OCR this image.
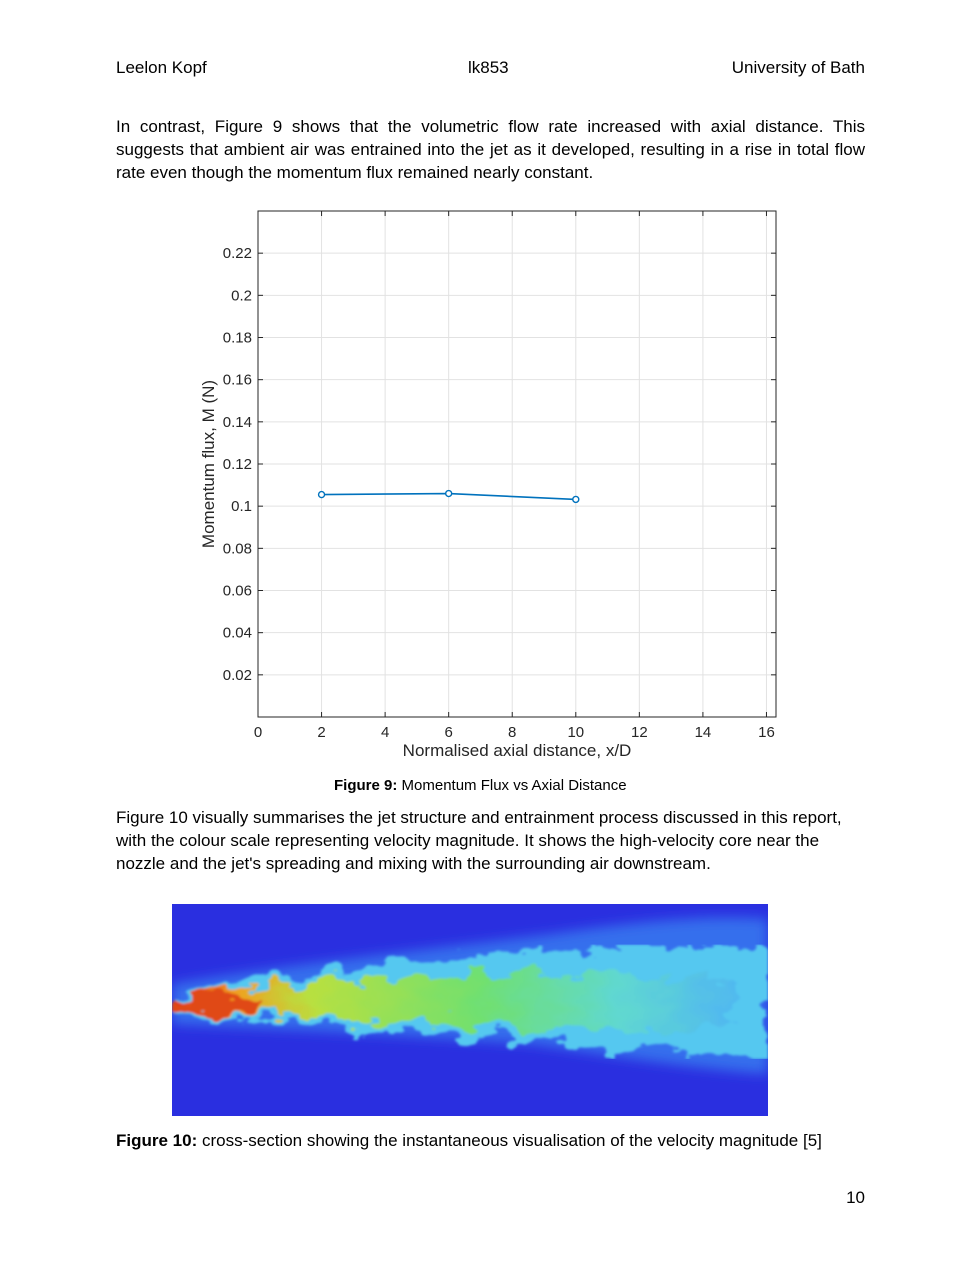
Leelon Kopf	lk853	University of Bath

In contrast, Figure 9 shows that the volumetric flow rate increased with axial distance. This suggests that ambient air was entrained into the jet as it developed, resulting in a rise in total flow rate even though the momentum flux remained nearly constant.

0	2	4	6	8	10	12	14	16
0.02
0.04
0.06
0.08
0.1
0.12
0.14
0.16
0.18
0.2
0.22
Normalised axial distance, x/D
Momentum flux, M (N)
Figure 9: Momentum Flux vs Axial Distance

Figure 10 visually summarises the jet structure and entrainment process discussed in this report, with the colour scale representing velocity magnitude. It shows the high-velocity core near the nozzle and the jet's spreading and mixing with the surrounding air downstream.

Figure 10: cross-section showing the instantaneous visualisation of the velocity magnitude [5]
10
